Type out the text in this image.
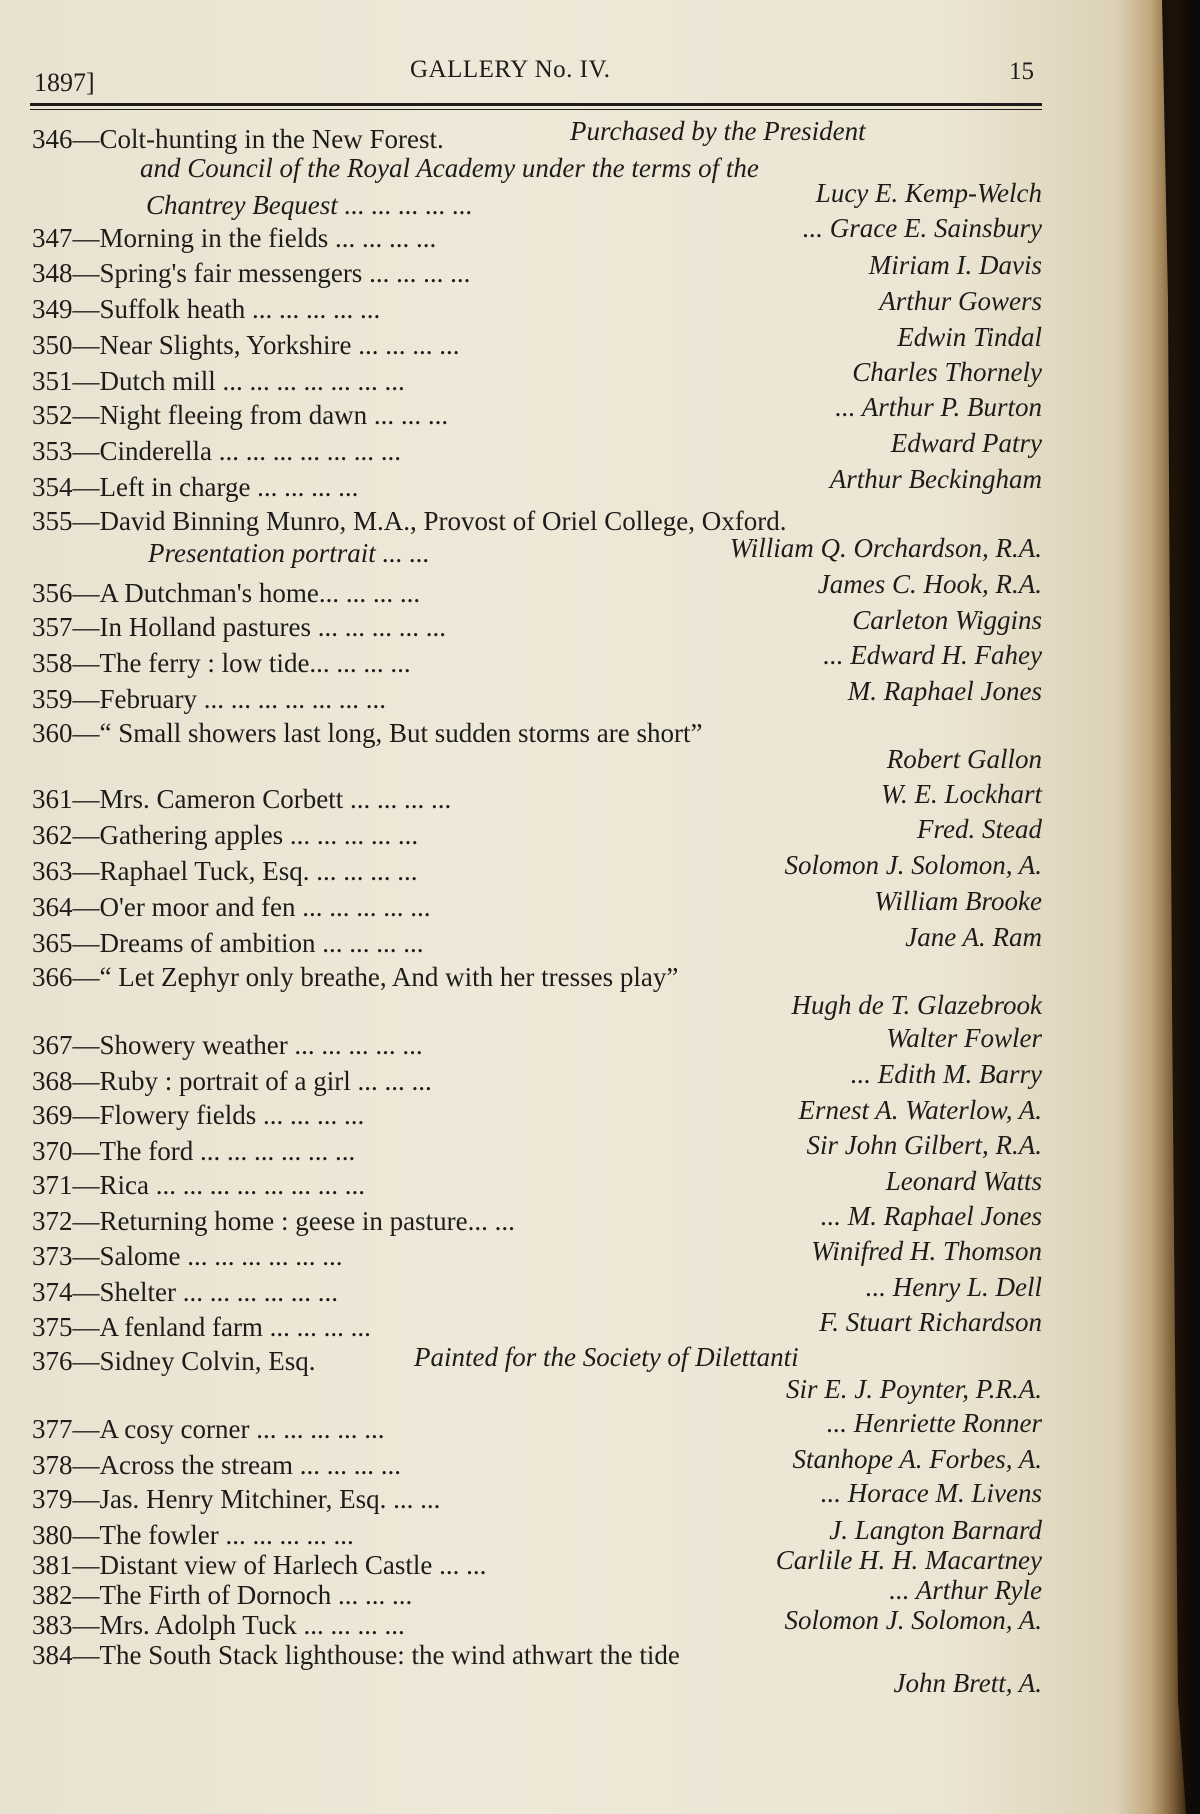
1897]	GALLERY No. IV.	15
346—Colt-hunting in the New Forest.	Purchased by the President
and Council of the Royal Academy under the terms of the
Chantrey Bequest ... ... ... ... ...	Lucy E. Kemp-Welch
347—Morning in the fields ... ... ... ...	... Grace E. Sainsbury
348—Spring's fair messengers ... ... ... ...	Miriam I. Davis
349—Suffolk heath ... ... ... ... ...	Arthur Gowers
350—Near Slights, Yorkshire ... ... ... ...	Edwin Tindal
351—Dutch mill ... ... ... ... ... ... ...	Charles Thornely
352—Night fleeing from dawn ... ... ...	... Arthur P. Burton
353—Cinderella ... ... ... ... ... ... ...	Edward Patry
354—Left in charge ... ... ... ...	Arthur Beckingham
355—David Binning Munro, M.A., Provost of Oriel College, Oxford.
Presentation portrait ... ...	William Q. Orchardson, R.A.
356—A Dutchman's home... ... ... ...	James C. Hook, R.A.
357—In Holland pastures ... ... ... ... ...	Carleton Wiggins
358—The ferry : low tide... ... ... ...	... Edward H. Fahey
359—February ... ... ... ... ... ... ...	M. Raphael Jones
360—“ Small showers last long, But sudden storms are short”
Robert Gallon
361—Mrs. Cameron Corbett ... ... ... ...	W. E. Lockhart
362—Gathering apples ... ... ... ... ...	Fred. Stead
363—Raphael Tuck, Esq. ... ... ... ...	Solomon J. Solomon, A.
364—O'er moor and fen ... ... ... ... ...	William Brooke
365—Dreams of ambition ... ... ... ...	Jane A. Ram
366—“ Let Zephyr only breathe, And with her tresses play”
Hugh de T. Glazebrook
367—Showery weather ... ... ... ... ...	Walter Fowler
368—Ruby : portrait of a girl ... ... ...	... Edith M. Barry
369—Flowery fields ... ... ... ...	Ernest A. Waterlow, A.
370—The ford ... ... ... ... ... ...	Sir John Gilbert, R.A.
371—Rica ... ... ... ... ... ... ... ...	Leonard Watts
372—Returning home : geese in pasture... ...	... M. Raphael Jones
373—Salome ... ... ... ... ... ...	Winifred H. Thomson
374—Shelter ... ... ... ... ... ...	... Henry L. Dell
375—A fenland farm ... ... ... ...	F. Stuart Richardson
376—Sidney Colvin, Esq.	Painted for the Society of Dilettanti
Sir E. J. Poynter, P.R.A.
377—A cosy corner ... ... ... ... ...	... Henriette Ronner
378—Across the stream ... ... ... ...	Stanhope A. Forbes, A.
379—Jas. Henry Mitchiner, Esq. ... ...	... Horace M. Livens
380—The fowler ... ... ... ... ...	J. Langton Barnard
381—Distant view of Harlech Castle ... ...	Carlile H. H. Macartney
382—The Firth of Dornoch ... ... ...	... Arthur Ryle
383—Mrs. Adolph Tuck ... ... ... ...	Solomon J. Solomon, A.
384—The South Stack lighthouse: the wind athwart the tide
John Brett, A.
